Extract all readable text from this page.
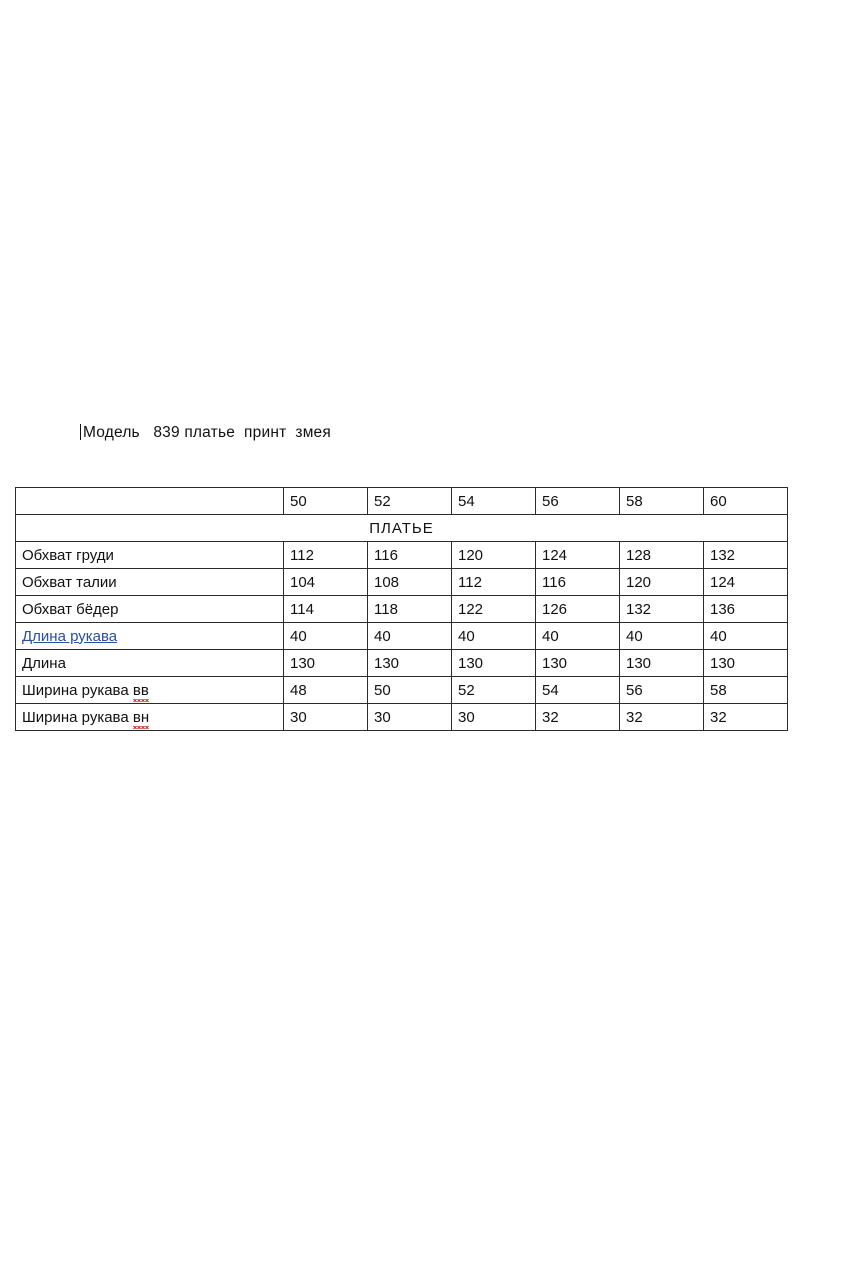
Модель   839 платье  принт  змея
	50	52	54	56	58	60
ПЛАТЬЕ						
Обхват груди	112	116	120	124	128	132
Обхват талии	104	108	112	116	120	124
Обхват бёдер	114	118	122	126	132	136
Длина рукава	40	40	40	40	40	40
Длина	130	130	130	130	130	130
Ширина рукава вв	48	50	52	54	56	58
Ширина рукава вн	30	30	30	32	32	32
